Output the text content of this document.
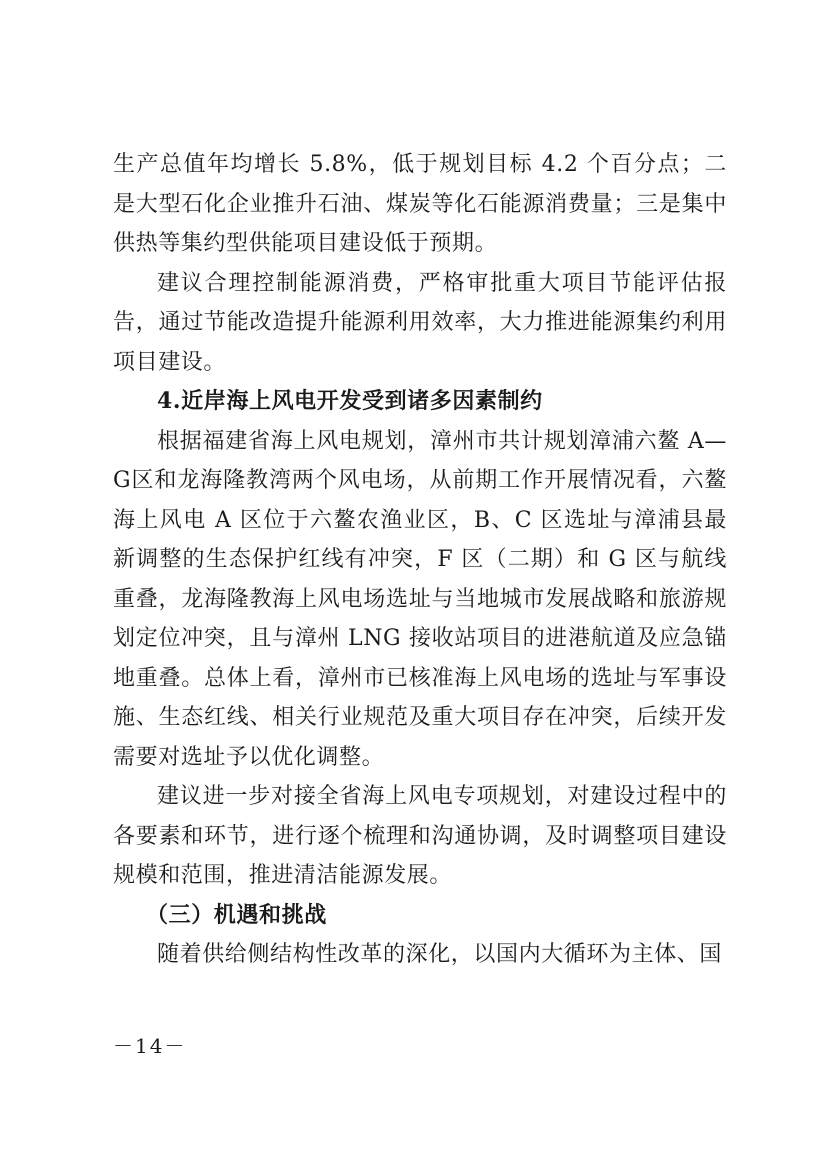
生产总值年均增长 5.8%，低于规划目标 4.2 个百分点；二是大型石化企业推升石油、煤炭等化石能源消费量；三是集中供热等集约型供能项目建设低于预期。

建议合理控制能源消费，严格审批重大项目节能评估报告，通过节能改造提升能源利用效率，大力推进能源集约利用项目建设。

4.近岸海上风电开发受到诸多因素制约

根据福建省海上风电规划，漳州市共计规划漳浦六鳌 A—G区和龙海隆教湾两个风电场，从前期工作开展情况看，六鳌海上风电 A 区位于六鳌农渔业区，B、C 区选址与漳浦县最新调整的生态保护红线有冲突，F 区（二期）和 G 区与航线重叠，龙海隆教海上风电场选址与当地城市发展战略和旅游规划定位冲突，且与漳州 LNG 接收站项目的进港航道及应急锚地重叠。总体上看，漳州市已核准海上风电场的选址与军事设施、生态红线、相关行业规范及重大项目存在冲突，后续开发需要对选址予以优化调整。

建议进一步对接全省海上风电专项规划，对建设过程中的各要素和环节，进行逐个梳理和沟通协调，及时调整项目建设规模和范围，推进清洁能源发展。

（三）机遇和挑战

随着供给侧结构性改革的深化，以国内大循环为主体、国

－14－
